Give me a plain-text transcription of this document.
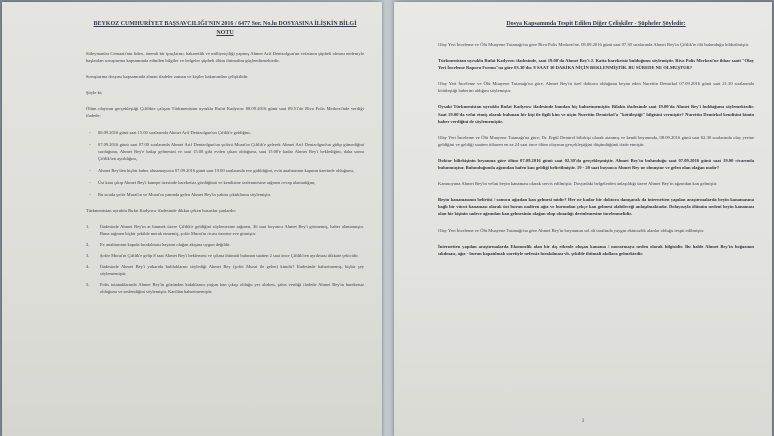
BEYKOZ CUMHURİYET BAŞSAVCILIĞI'NIN 2016 / 6477 Sor. No.lu DOSYASINA İLİŞKİN BİLGİ NOTU

Süleymanlar Cemaati'nin liderı, önemli bir ipuçlarını, hakaretlik ve milliyetçiliği yapmış Ahmet Arif Denizolgun'un vefatının şüpheli olması nedeniyle başlatılan soruşturma kapsamında edinilen bilgiler ve belgeler şüpheli ölüm ihtimalini güçlendirmektedir.

Soruşturma dosyası kapsamında alınan ifadeler zaman ve kişiler bakımından çelişkilidir.

Şöyle ki;

Ölüm olayının gerçekleştiği Çiftlikte çalışan Türkmenistan uyruklu Rufat Kadyrow 08.09.2016 günü saat 09.51'de Riva Polis Merkezi'nde verdiği ifadede:

- 06.09.2016 günü saat 15.00 sıralarında Ahmet Arif Denizolgun'un Çiftlik'e geldiğini,
- 07.09.2016 günü saat 07.00 sıralarında Ahmet Arif Denizolgun'un şoförü Murat'ın Çiftlik'e gelerek Ahmet Arif Denizolgun'un gidip gitmediğini sorduğunu, Ahmet Bey'e bakıp gelmesini ve saat 15.00 gibi evden çıkan olduğunu, saat 15.00'e kadar Ahmet Bey'i beklediğini, daha sonra Çiftlik'ten ayrıldığını,
- Ahmet Bey'den hiçbir haber alınamayınca 07.09.2016 günü saat 19.00 sıralarında eve gidildiğini, evin anahtarının kapının üzerinde olduğunu,
- Üst kata çıkıp Ahmet Bey'i kanepe üzerinde hareketsiz gördüğünü ve kendisine seslenmesine rağmen cevap alamadığını,
- Bu sırada şoför Murat'ın ve Murat'ın yanında gelen Ahmet Bey'in yakını çıktıklarını söylemiştir.

Türkmenistan uyruklu Rufat Kadyrow ifadesinde dikkat çeken hususlar şunlardır:

1. İfadesinde Ahmet Bey'in at binmek üzere Çiftlik'e geldiğini söylemesine rağmen, 36 saat boyunca Ahmet Bey'i görmemiş, haber alamamıştır. Buna rağmen hiçbir şekilde merak etmemiş, şoför Murat'ın ricası üzerine eve gitmiştir.
2. Ev anahtarının kapıda bırakılması hayatın olağan akışına uygun değildir.
3. Şoför Murat'ın Çiftlik'e gelip 8 saat Ahmet Bey'i beklemesi ve çıkma ihtimali bulunan saatten 2 saat önce Çiftlik'ten ayrılması dikkate çekicidir.
4. İfadesinde Ahmet Bey'i yukarıda bulduklarını söylediği Ahmet Bey (şoför Murat ile gelen) kimdir? İfadesinde bahsetmemiş, hiçbir şey söylememiştir.
5. Polis tutanaklarında Ahmet Bey'in gözünden kulaklarını yoğun kan çıkışı olduğu yer alırken, şahıs verdiği ifadede Ahmet Bey'in hareketsiz olduğunu ve seslendiğini söylemiştir. Kan'dan bahsetmemiştir.
Dosya Kapsamında Tespit Edilen Diğer Çelişkiler - Şüpheler Şöyledir:

Olay Yeri İnceleme ve Ölü Muayene Tutanağı'na göre Riva Polis Merkezi'ne, 08.09.2016 günü saat 07.30 sıralarında Ahmet Bey'in Çiftlik'te ölü bulunduğu bildirilmiştir.

Türkmenistan uyruklu Rufat Kadyrow ifadesinde, saat 19.00'da Ahmet Bey'i 2. Katta hareketsiz bulduğunu söylemiştir. Riva Polis Merkezi'ne ihbar saati "Olay Yeri İnceleme Raporu Formu"na göre 03.30'dır. 8 SAAT 30 DAKİKA NİÇİN BEKLENMİŞTİR. BU SÜREDE NE OLMUŞTUR?

Olay Yeri İnceleme ve Ölü Muayene Tutanağı'na göre, Ahmet Bey'in özel doktoru olduğunu beyan eden Nurettin Demirkol 07.09.2016 günü saat 21.30 sıralarında kötüleştiği haberini aldığını söylemiştir.

Oysaki Türkmenistan uyruklu Rufat Kadyrow ifadesinde bundan hiç bahsetmemiştir. Bilakis ifadesinde saat 19.00'da Ahmet Bey'i bulduğunu söylemektedir. Saat 19.00'da vefat etmiş olarak bulunan bir kişi ile ilgili kim ve niçin Nurettin Demirkol'a "kötüleştiği" bilgisini vermiştir? Nurettin Demirkol kendisini kimin haber verdiğini de söylememiştir.

Olay Yeri İnceleme ve Ölü Muayene Tutanağı'na göre; Dr. Ergül Demirel bilirkişi olarak atanmış ve kendi beyanında, 08.09.2016 günü saat 02.30 sıralarında olay yerine geldiğini ve geldiği saatten itibaren en az 24 saat önce ölüm olayının gerçekleştiğini düşündüğünü ifade etmiştir.

Doktor bilirkişinin beyanına göre ölüm 07.09.2016 günü saat 02.30'da gerçekleşmiştir. Ahmet Bey'in bulunduğu saat 07.09.2016 günü saat 19.00 civarında bulunmuştur. Bulunduğunda ağzından hafen kan geldiği belirtilmiştir. 19 - 20 saat boyunca Ahmet Bey ne olmuştur ve gelen olan olağan mıdır?

Kamuoyuna Ahmet Bey'in vefatı beyin kanaması olarak servis edilmiştir. Dosyadaki belgelerden anlaşıldığı üzere Ahmet Bey'in ağzından kan gelmiştir.

Beyin kanamasının belirtisi / sonucu ağızdan kan gelmesi midir? Her ne kadar bir doktora danışarak da internetten yapılan araştırmalarda beyin kanamasına bağlı bir vücut kanaması olarak üst burun nadiren ağız ve burundan çekçe kan gelmesi olabileceği anlaşılmaktadır. Dolayısıyla ölümün nedeni beyin kanaması olan bir kişinin sadece ağzından kan gelmesinin olağan olup olmadığı derinlemesine incelenmelidir.

Olay Yeri İnceleme ve Ölü Muayene Tutanağı'na göre Ahmet Bey'in boynunun sol alt tarafında yaygın ekimozlik alanlar olduğu tespit edilmiştir.

İnternetten yapılan araştırmalarda Ekomozlik alan bir dış etkenle oluşan kanama / morarmaya neden olarak bilgisidir. Bu halde Ahmet Bey'in boğazının sıkılması, ağız - burun kapatılmak suretiyle nefessiz bırakılması vb. şekilde ihtimali akıllara gelmektedir.

2
